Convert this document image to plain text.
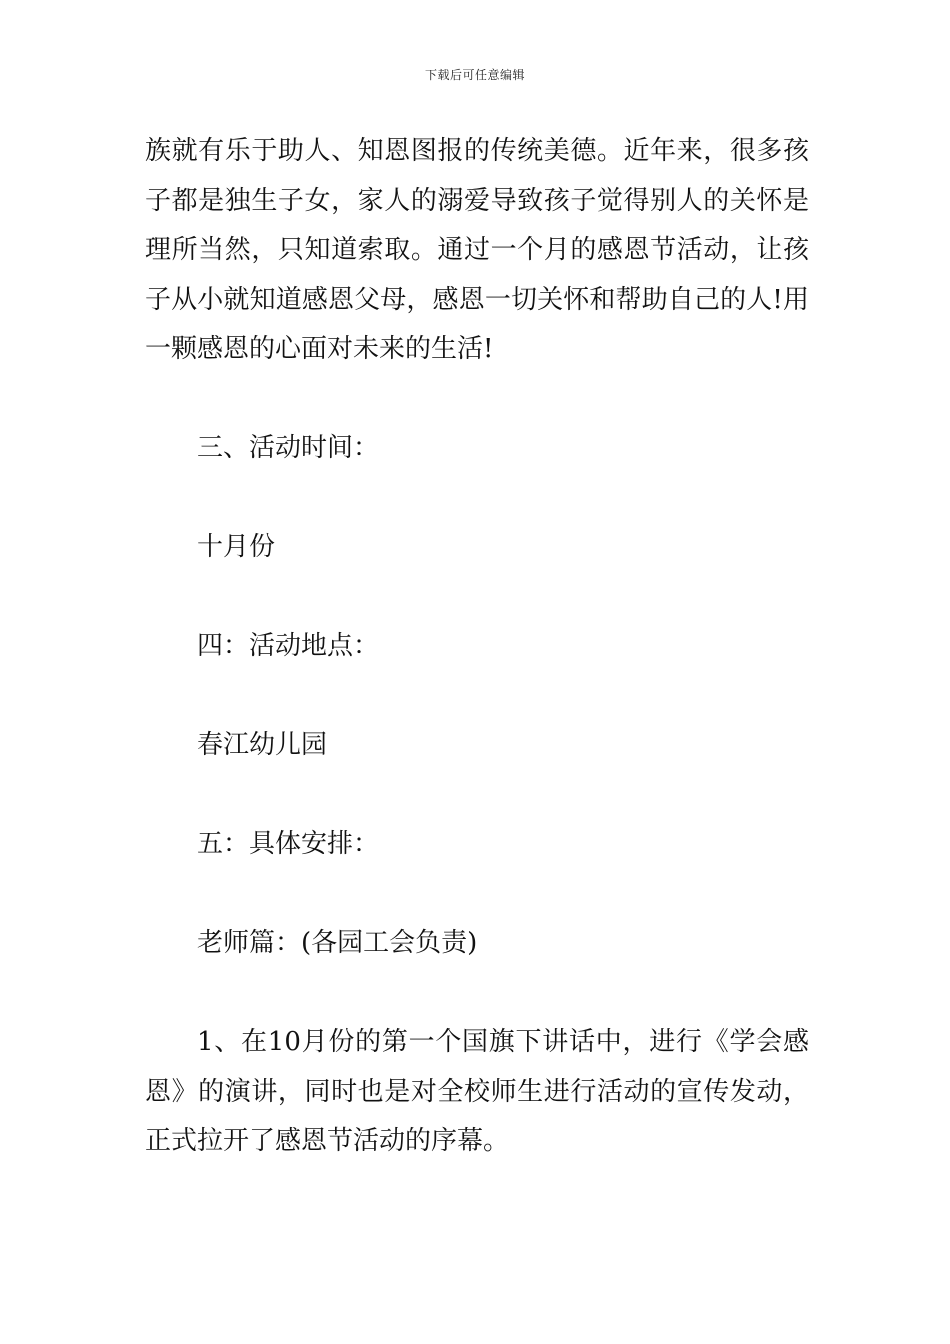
下载后可任意编辑

族就有乐于助人、知恩图报的传统美德。近年来，很多孩子都是独生子女，家人的溺爱导致孩子觉得别人的关怀是理所当然，只知道索取。通过一个月的感恩节活动，让孩子从小就知道感恩父母，感恩一切关怀和帮助自己的人!用一颗感恩的心面对未来的生活!

三、活动时间：

十月份

四：活动地点：

春江幼儿园

五：具体安排：

老师篇：(各园工会负责)

1、在10月份的第一个国旗下讲话中，进行《学会感恩》的演讲，同时也是对全校师生进行活动的宣传发动，正式拉开了感恩节活动的序幕。
